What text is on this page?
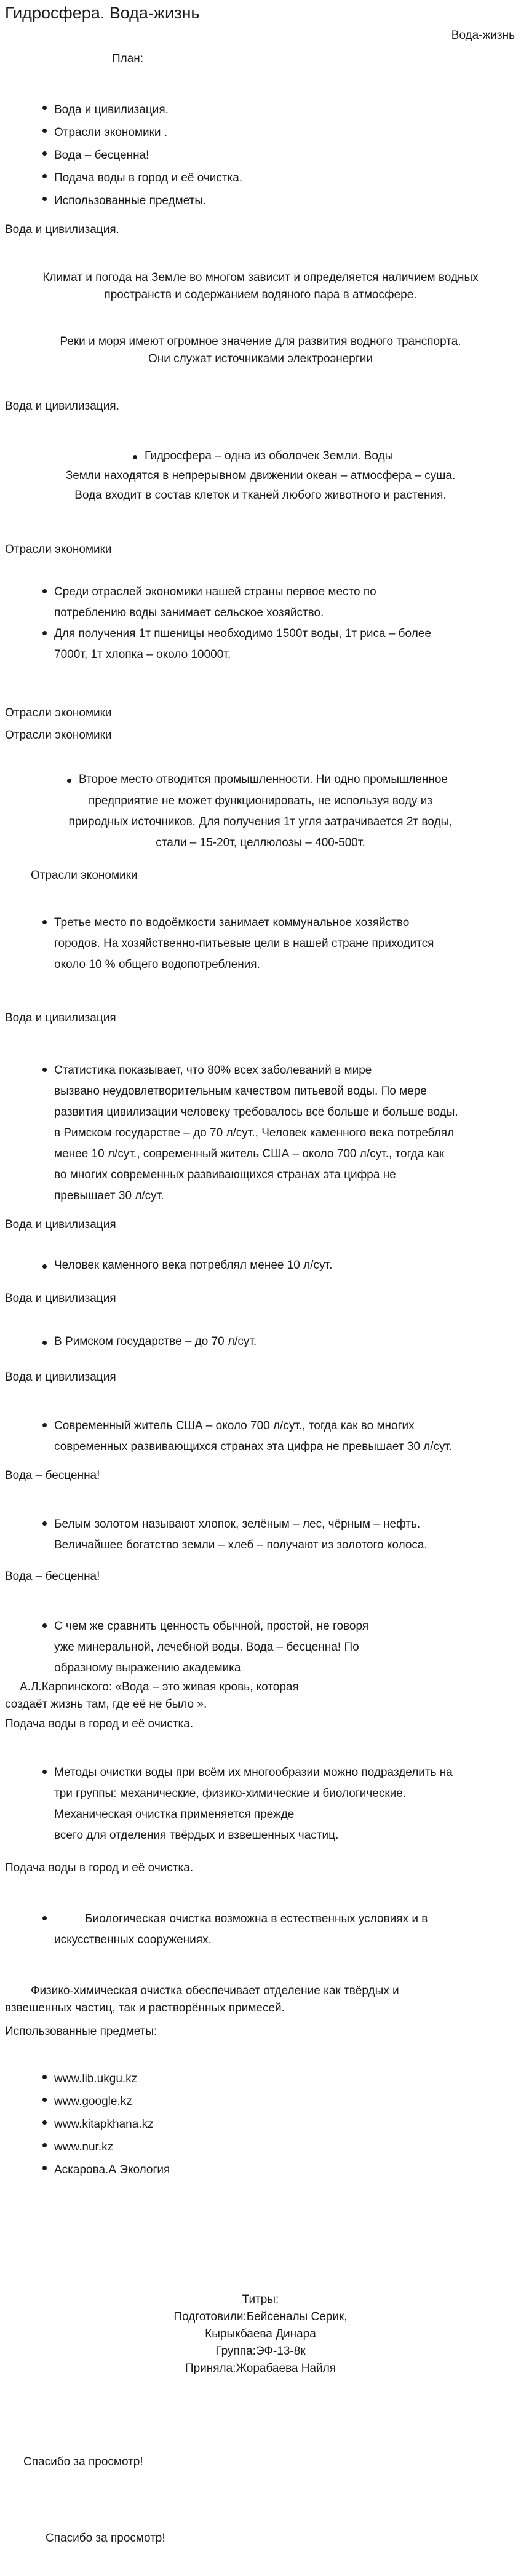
Гидросфера. Вода-жизнь
Вода-жизнь
План:
Вода и цивилизация.
Отрасли экономики .
Вода – бесценна!
Подача воды в город и её очистка.
Использованные предметы.
Вода и цивилизация.
Климат и погода на Земле во многом зависит и определяется наличием водных
пространств и содержанием водяного пара в атмосфере.
Реки и моря имеют огромное значение для развития водного транспорта.
Они служат источниками электроэнергии
Вода и цивилизация.
Гидросфера – одна из оболочек Земли. Воды
Земли находятся в непрерывном движении океан – атмосфера – суша.
Вода входит в состав клеток и тканей любого животного и растения.
Отрасли экономики
Среди отраслей экономики нашей страны первое место по
потреблению воды занимает сельское хозяйство.
Для получения 1т пшеницы необходимо 1500т воды, 1т риса – более
7000т, 1т хлопка – около 10000т.
Отрасли экономики
Отрасли экономики
Второе место отводится промышленности. Ни одно промышленное
предприятие не может функционировать, не используя воду из
природных источников. Для получения 1т угля затрачивается 2т воды,
стали – 15-20т, целлюлозы – 400-500т.
Отрасли экономики
Третье место по водоёмкости занимает коммунальное хозяйство
городов. На хозяйственно-питьевые цели в нашей стране приходится
около 10 % общего водопотребления.
Вода и цивилизация
Статистика показывает, что 80% всех заболеваний в мире
вызвано неудовлетворительным качеством питьевой воды. По мере
развития цивилизации человеку требовалось всё больше и больше воды.
в Римском государстве – до 70 л/сут., Человек каменного века потреблял
менее 10 л/сут., современный житель США – около 700 л/сут., тогда как
во многих современных развивающихся странах эта цифра не
превышает 30 л/сут.
Вода и цивилизация
Человек каменного века потреблял менее 10 л/сут.
Вода и цивилизация
В Римском государстве – до 70 л/сут.
Вода и цивилизация
Современный житель США – около 700 л/сут., тогда как во многих
современных развивающихся странах эта цифра не превышает 30 л/сут.
Вода – бесценна!
Белым золотом называют хлопок, зелёным – лес, чёрным – нефть.
Величайшее богатство земли – хлеб – получают из золотого колоса.
Вода – бесценна!
С чем же сравнить ценность обычной, простой, не говоря
уже минеральной, лечебной воды. Вода – бесценна! По
образному выражению академика
А.Л.Карпинского: «Вода – это живая кровь, которая
создаёт жизнь там, где её не было ».
Подача воды в город и её очистка.
Методы очистки воды при всём их многообразии можно подразделить на
три группы: механические, физико-химические и биологические.
Механическая очистка применяется прежде
всего для отделения твёрдых и взвешенных частиц.
Подача воды в город и её очистка.
Биологическая очистка возможна в естественных условиях и в
искусственных сооружениях.
Физико-химическая очистка обеспечивает отделение как твёрдых и
взвешенных частиц, так и растворённых примесей.
Использованные предметы:
www.lib.ukgu.kz
www.google.kz
www.kitapkhana.kz
www.nur.kz
Аскарова.А Экология
Титры:
Подготовили:Бейсеналы Серик,
Кырыкбаева Динара
Группа:ЭФ-13-8к
Приняла:Жорабаева Найля
Спасибо за просмотр!
Спасибо за просмотр!
